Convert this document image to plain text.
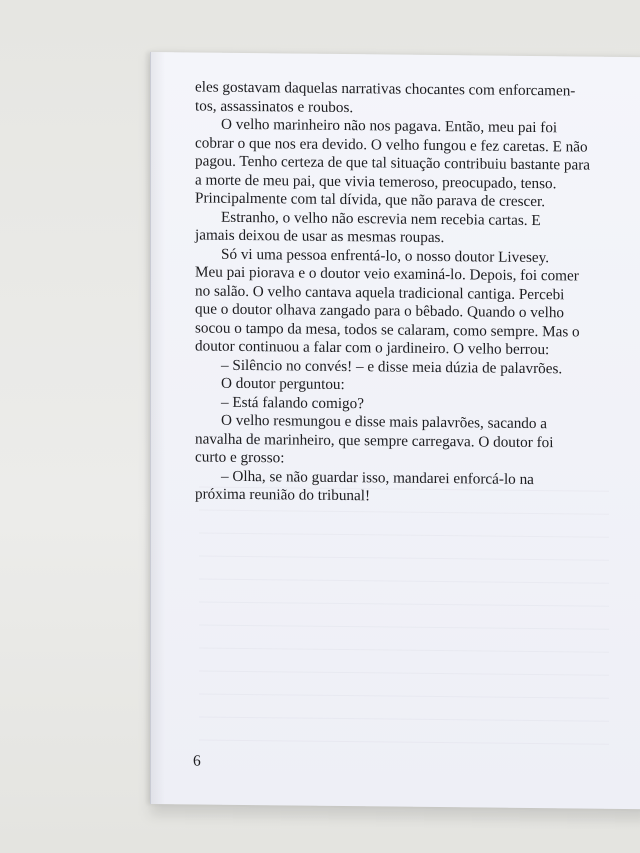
eles gostavam daquelas narrativas chocantes com enforcamen-
tos, assassinatos e roubos.
O velho marinheiro não nos pagava. Então, meu pai foi
cobrar o que nos era devido. O velho fungou e fez caretas. E não
pagou. Tenho certeza de que tal situação contribuiu bastante para
a morte de meu pai, que vivia temeroso, preocupado, tenso.
Principalmente com tal dívida, que não parava de crescer.
Estranho, o velho não escrevia nem recebia cartas. E
jamais deixou de usar as mesmas roupas.
Só vi uma pessoa enfrentá-lo, o nosso doutor Livesey.
Meu pai piorava e o doutor veio examiná-lo. Depois, foi comer
no salão. O velho cantava aquela tradicional cantiga. Percebi
que o doutor olhava zangado para o bêbado. Quando o velho
socou o tampo da mesa, todos se calaram, como sempre. Mas o
doutor continuou a falar com o jardineiro. O velho berrou:
– Silêncio no convés! – e disse meia dúzia de palavrões.
O doutor perguntou:
– Está falando comigo?
O velho resmungou e disse mais palavrões, sacando a
navalha de marinheiro, que sempre carregava. O doutor foi
curto e grosso:
– Olha, se não guardar isso, mandarei enforcá-lo na
próxima reunião do tribunal!
6
